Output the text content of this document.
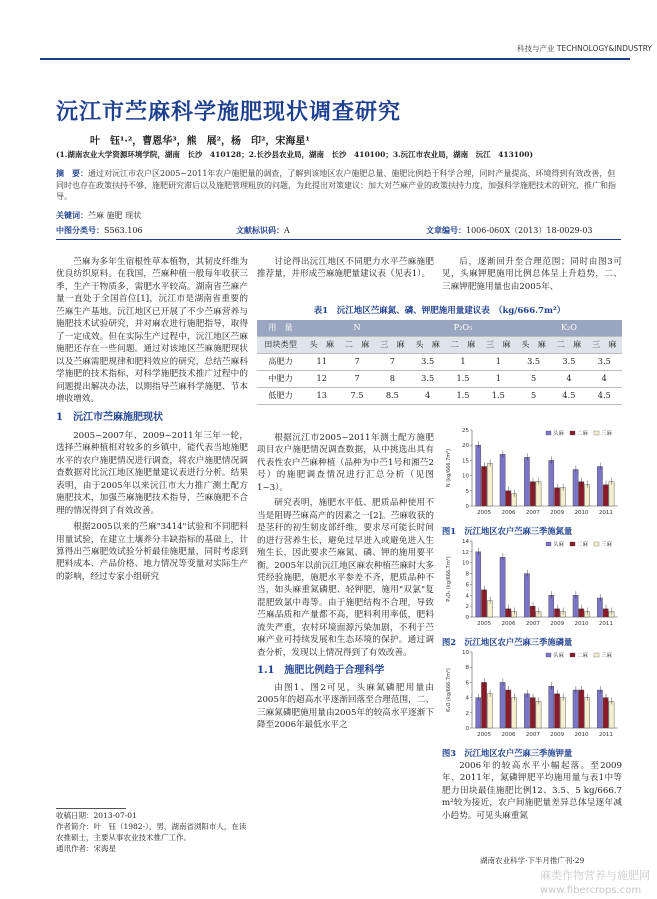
科技与产业 TECHNOLOGY&INDUSTRY
沅江市苎麻科学施肥现状调查研究
叶　钰¹·²，曹恩华³，熊　展²，杨　印²，宋海星¹
(1.湖南农业大学资源环境学院，湖南　长沙　410128；2.长沙县农业局，湖南　长沙　410100；3.沅江市农业局，湖南　沅江　413100)
摘　要：通过对沅江市农户区2005~2011年农户施肥量的调查，了解到该地区农户施肥总量、施肥比例趋于科学合理，同时产量提高、环境得到有效改善，但同时也存在政策扶持不够、施肥研究滞后以及施肥管理粗放的问题，为此提出对策建议：加大对苎麻产业的政策扶持力度，加强科学施肥技术的研究、推广和指导。
关键词：苎麻 施肥 现状
中图分类号：S563.106	文献标识码：A	文章编号：1006-060X（2013）18-0029-03

苎麻为多年生宿根性草本植物，其韧皮纤维为优良纺织原料。在我国，苎麻种植一般每年收获三季，生产干物质多，需肥水平较高。湖南省苎麻产量一直处于全国首位[1]，沅江市是湖南省重要的苎麻生产基地。沅江地区已开展了不少苎麻营养与施肥技术试验研究，并对麻农进行施肥指导，取得了一定成效。但在实际生产过程中，沅江地区苎麻施肥还存在一些问题。通过对该地区苎麻施肥现状以及苎麻需肥规律和肥料效应的研究，总结苎麻科学施肥的技术指标，对科学施肥技术推广过程中的问题提出解决办法，以期指导苎麻科学施肥、节本增收增效。

1　沅江市苎麻施肥现状

2005~2007年、2009~2011年三年一轮，选择苎麻种植相对较多的乡镇中，能代表当地施肥水平的农户施肥情况进行调查，将农户施肥情况调查数据对比沅江地区施肥量建议表进行分析。结果表明，由于2005年以来沅江市大力推广测土配方施肥技术，加强苎麻施肥技术指导，苎麻施肥不合理的情况得到了有效改善。

根据2005以来的苎麻"3414"试验和不同肥料用量试验，在建立土壤养分丰缺指标的基础上，计算得出苎麻肥效试验分析最佳施肥量，同时考虑到肥料成本、产品价格、地力情况等变量对实际生产的影响，经过专家小组研究

讨论得出沅江地区不同肥力水平苎麻施肥推荐量，并形成苎麻施肥量建议表（见表1）。

后，逐渐回升至合理范围；同时由图3可见，头麻钾肥施用比例总体呈上升趋势，二、三麻钾肥施用量也由2005年、

表1　沅江地区苎麻氮、磷、钾肥施用量建议表　（kg/666.7m²）
用　量	N			P₂O₅			K₂O		
田块类型	头　麻	二　麻	三　麻	头　麻	二　麻	三　麻	头　麻	二　麻	三　麻
高肥力	11	7	7	3.5	1	1	3.5	3.5	3.5
中肥力	12	7	8	3.5	1.5	1	5	4	4
低肥力	13	7.5	8.5	4	1.5	1.5	5	4.5	4.5

根据沅江市2005~2011年测土配方施肥项目农户施肥情况调查数据，从中挑选出具有代表性农户苎麻种植（品种为中苎1号和湘苎2号）的施肥调查情况进行汇总分析（见图1~3）。

研究表明，施肥水平低、肥质品种使用不当是阻碍苎麻高产的因素之一[2]。苎麻收获的是茎秆的初生韧皮部纤维，要求尽可能长时间的进行营养生长，避免过早进入或避免进入生殖生长，因此要求苎麻氮、磷、钾的施用要平衡。2005年以前沅江地区麻农种植苎麻时大多凭经验施肥，施肥水平参差不齐，肥质品种不当，如头麻重氮磷肥、轻钾肥，施用"双氯"复混肥致氯中毒等。由于施肥结构不合理，导致苎麻品质和产量都不高，肥料利用率低，肥料流失严重，农村环境面源污染加剧，不利于苎麻产业可持续发展和生态环境的保护。通过调查分析，发现以上情况得到了有效改善。

1.1　施肥比例趋于合理科学

由图1、图2可见，头麻氮磷肥用量由2005年的超高水平逐渐回落至合理范围，二、三麻氮磷肥施用量由2005年的较高水平逐渐下降至2006年最低水平之

0
5
10
15
20
25
N (kg/666.7m²)
2005 2006 2007 2009 2010 2011
头麻 二麻 三麻
图1　沅江地区农户苎麻三季施氮量
0
2
4
6
8
10
12
14
P₂O₅ (kg/666.7m²)
2005 2006 2007 2009 2010 2011
头麻 二麻 三麻
图2　沅江地区农户苎麻三季施磷量
0
2
4
6
8
10
K₂O (kg/666.7m²)
2005 2006 2007 2009 2010 2011
头麻 二麻 三麻
图3　沅江地区农户苎麻三季施钾量

2006年的较高水平小幅起落。至2009年、2011年，氮磷钾肥平均施用量与表1中等肥力田块最佳施肥比例12、3.5、5 kg/666.7 m²较为接近，农户间施肥量差异总体呈逐年减小趋势。可见头麻重氮

收稿日期：2013-07-01
作者简介：叶　钰（1982-），男，湖南省浏阳市人，在读农推硕士，主要从事农业技术推广工作。
通讯作者：宋海星
湖南农业科学·下半月推广刊·29
麻类作物营养与施肥网
www.fibercrops.com
